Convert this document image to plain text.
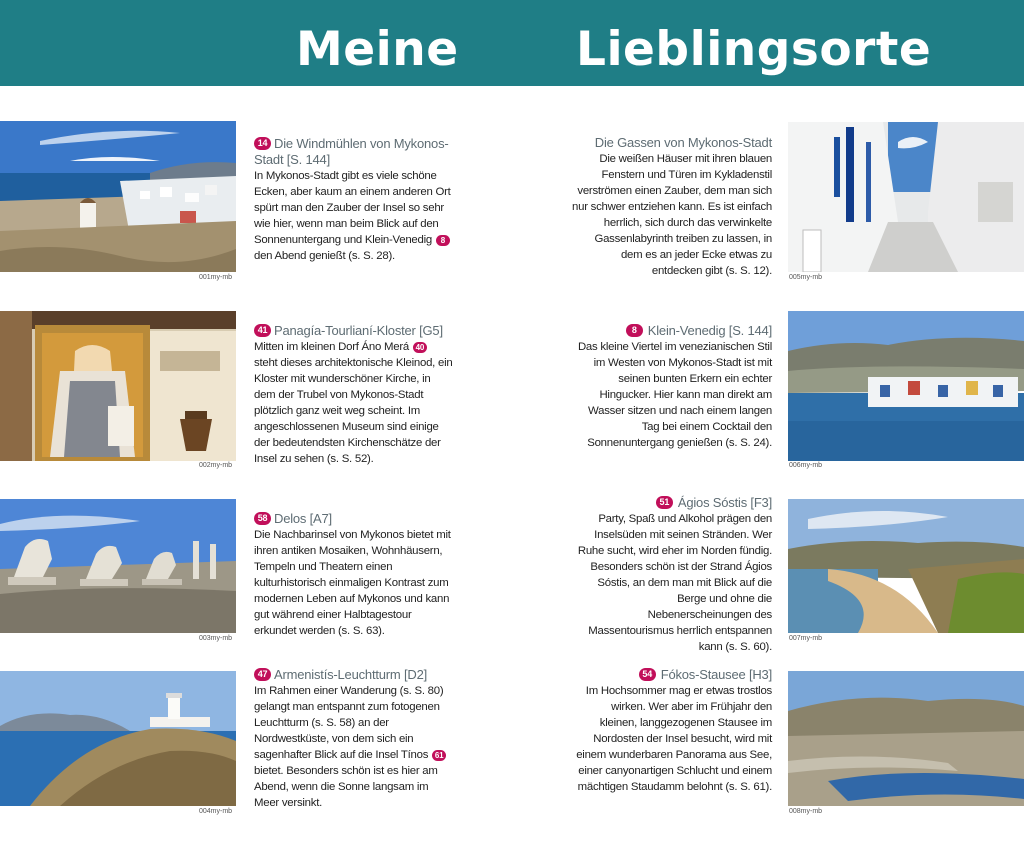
Meine Lieblingsorte
001my-mb
14 Die Windmühlen von Mykonos-Stadt [S. 144]
In Mykonos-Stadt gibt es viele schöne Ecken, aber kaum an einem anderen Ort spürt man den Zauber der Insel so sehr wie hier, wenn man beim Blick auf den Sonnenuntergang und Klein-Venedig 8 den Abend genießt (s. S. 28).
002my-mb
41 Panagía-Tourlianí-Kloster [G5]
Mitten im kleinen Dorf Áno Merá 40 steht dieses architektonische Kleinod, ein Kloster mit wunderschöner Kirche, in dem der Trubel von Mykonos-Stadt plötzlich ganz weit weg scheint. Im angeschlossenen Museum sind einige der bedeutendsten Kirchenschätze der Insel zu sehen (s. S. 52).
003my-mb
58 Delos [A7]
Die Nachbarinsel von Mykonos bietet mit ihren antiken Mosaiken, Wohnhäusern, Tempeln und Theatern einen kulturhistorisch einmaligen Kontrast zum modernen Leben auf Mykonos und kann gut während einer Halbtagestour erkundet werden (s. S. 63).
004my-mb
47 Armenistís-Leuchtturm [D2]
Im Rahmen einer Wanderung (s. S. 80) gelangt man entspannt zum fotogenen Leuchtturm (s. S. 58) an der Nordwestküste, von dem sich ein sagenhafter Blick auf die Insel Tínos 61 bietet. Besonders schön ist es hier am Abend, wenn die Sonne langsam im Meer versinkt.
Die Gassen von Mykonos-Stadt
Die weißen Häuser mit ihren blauen Fenstern und Türen im Kykladenstil verströmen einen Zauber, dem man sich nur schwer entziehen kann. Es ist einfach herrlich, sich durch das verwinkelte Gassenlabyrinth treiben zu lassen, in dem es an jeder Ecke etwas zu entdecken gibt (s. S. 12).
005my-mb
8 Klein-Venedig [S. 144]
Das kleine Viertel im venezianischen Stil im Westen von Mykonos-Stadt ist mit seinen bunten Erkern ein echter Hingucker. Hier kann man direkt am Wasser sitzen und nach einem langen Tag bei einem Cocktail den Sonnenuntergang genießen (s. S. 24).
006my-mb
51 Ágios Sóstis [F3]
Party, Spaß und Alkohol prägen den Inselsüden mit seinen Stränden. Wer Ruhe sucht, wird eher im Norden fündig. Besonders schön ist der Strand Ágios Sóstis, an dem man mit Blick auf die Berge und ohne die Nebenerscheinungen des Massentourismus herrlich entspannen kann (s. S. 60).
007my-mb
54 Fókos-Stausee [H3]
Im Hochsommer mag er etwas trostlos wirken. Wer aber im Frühjahr den kleinen, langgezogenen Stausee im Nordosten der Insel besucht, wird mit einem wunderbaren Panorama aus See, einer canyonartigen Schlucht und einem mächtigen Staudamm belohnt (s. S. 61).
008my-mb
